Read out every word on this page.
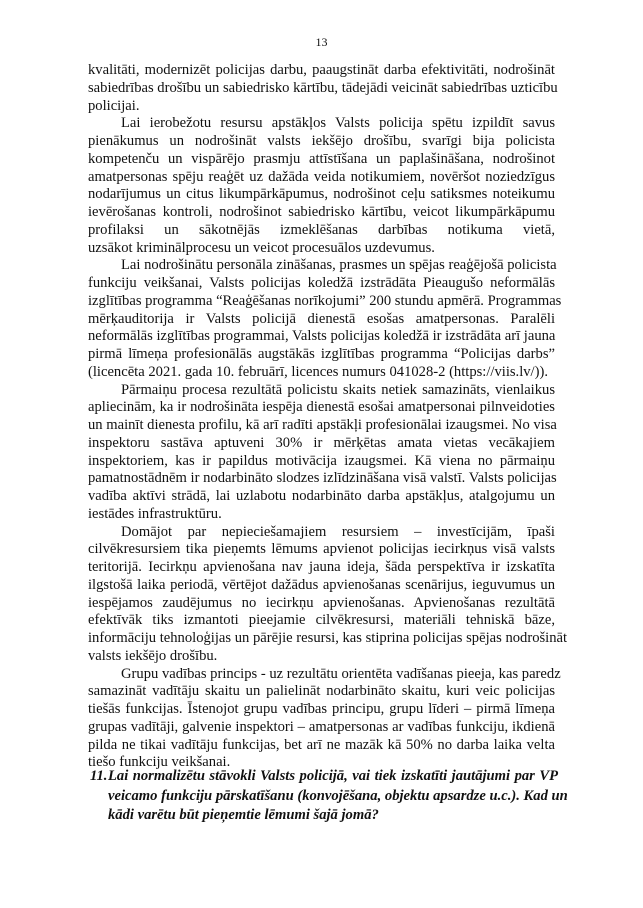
13
kvalitāti, modernizēt policijas darbu, paaugstināt darba efektivitāti, nodrošināt
sabiedrības drošību un sabiedrisko kārtību, tādejādi veicināt sabiedrības uzticību
policijai.
Lai ierobežotu resursu apstākļos Valsts policija spētu izpildīt savus
pienākumus un nodrošināt valsts iekšējo drošību, svarīgi bija policista
kompetenču un vispārējo prasmju attīstīšana un paplašināšana, nodrošinot
amatpersonas spēju reaģēt uz dažāda veida notikumiem, novēršot noziedzīgus
nodarījumus un citus likumpārkāpumus, nodrošinot ceļu satiksmes noteikumu
ievērošanas kontroli, nodrošinot sabiedrisko kārtību, veicot likumpārkāpumu
profilaksi un sākotnējās izmeklēšanas darbības notikuma vietā,
uzsākot kriminālprocesu un veicot procesuālos uzdevumus.
Lai nodrošinātu personāla zināšanas, prasmes un spējas reaģējošā policista
funkciju veikšanai, Valsts policijas koledžā izstrādāta Pieaugušo neformālās
izglītības programma “Reaģēšanas norīkojumi” 200 stundu apmērā. Programmas
mērķauditorija ir Valsts policijā dienestā esošas amatpersonas. Paralēli
neformālās izglītības programmai, Valsts policijas koledžā ir izstrādāta arī jauna
pirmā līmeņa profesionālās augstākās izglītības programma “Policijas darbs”
(licencēta 2021. gada 10. februārī, licences numurs 041028-2 (https://viis.lv/)).
Pārmaiņu procesa rezultātā policistu skaits netiek samazināts, vienlaikus
apliecinām, ka ir nodrošināta iespēja dienestā esošai amatpersonai pilnveidoties
un mainīt dienesta profilu, kā arī radīti apstākļi profesionālai izaugsmei. No visa
inspektoru sastāva aptuveni 30% ir mērķētas amata vietas vecākajiem
inspektoriem, kas ir papildus motivācija izaugsmei. Kā viena no pārmaiņu
pamatnostādnēm ir nodarbināto slodzes izlīdzināšana visā valstī. Valsts policijas
vadība aktīvi strādā, lai uzlabotu nodarbināto darba apstākļus, atalgojumu un
iestādes infrastruktūru.
Domājot par nepieciešamajiem resursiem – investīcijām, īpaši
cilvēkresursiem tika pieņemts lēmums apvienot policijas iecirkņus visā valsts
teritorijā. Iecirkņu apvienošana nav jauna ideja, šāda perspektīva ir izskatīta
ilgstošā laika periodā, vērtējot dažādus apvienošanas scenārijus, ieguvumus un
iespējamos zaudējumus no iecirkņu apvienošanas. Apvienošanas rezultātā
efektīvāk tiks izmantoti pieejamie cilvēkresursi, materiāli tehniskā bāze,
informāciju tehnoloģijas un pārējie resursi, kas stiprina policijas spējas nodrošināt
valsts iekšējo drošību.
Grupu vadības princips - uz rezultātu orientēta vadīšanas pieeja, kas paredz
samazināt vadītāju skaitu un palielināt nodarbināto skaitu, kuri veic policijas
tiešās funkcijas. Īstenojot grupu vadības principu, grupu līderi – pirmā līmeņa
grupas vadītāji, galvenie inspektori – amatpersonas ar vadības funkciju, ikdienā
pilda ne tikai vadītāju funkcijas, bet arī ne mazāk kā 50% no darba laika velta
tiešo funkciju veikšanai.
11. Lai normalizētu stāvokli Valsts policijā, vai tiek izskatīti jautājumi par VP
veicamo funkciju pārskatīšanu (konvojēšana, objektu apsardze u.c.). Kad un
kādi varētu būt pieņemtie lēmumi šajā jomā?
